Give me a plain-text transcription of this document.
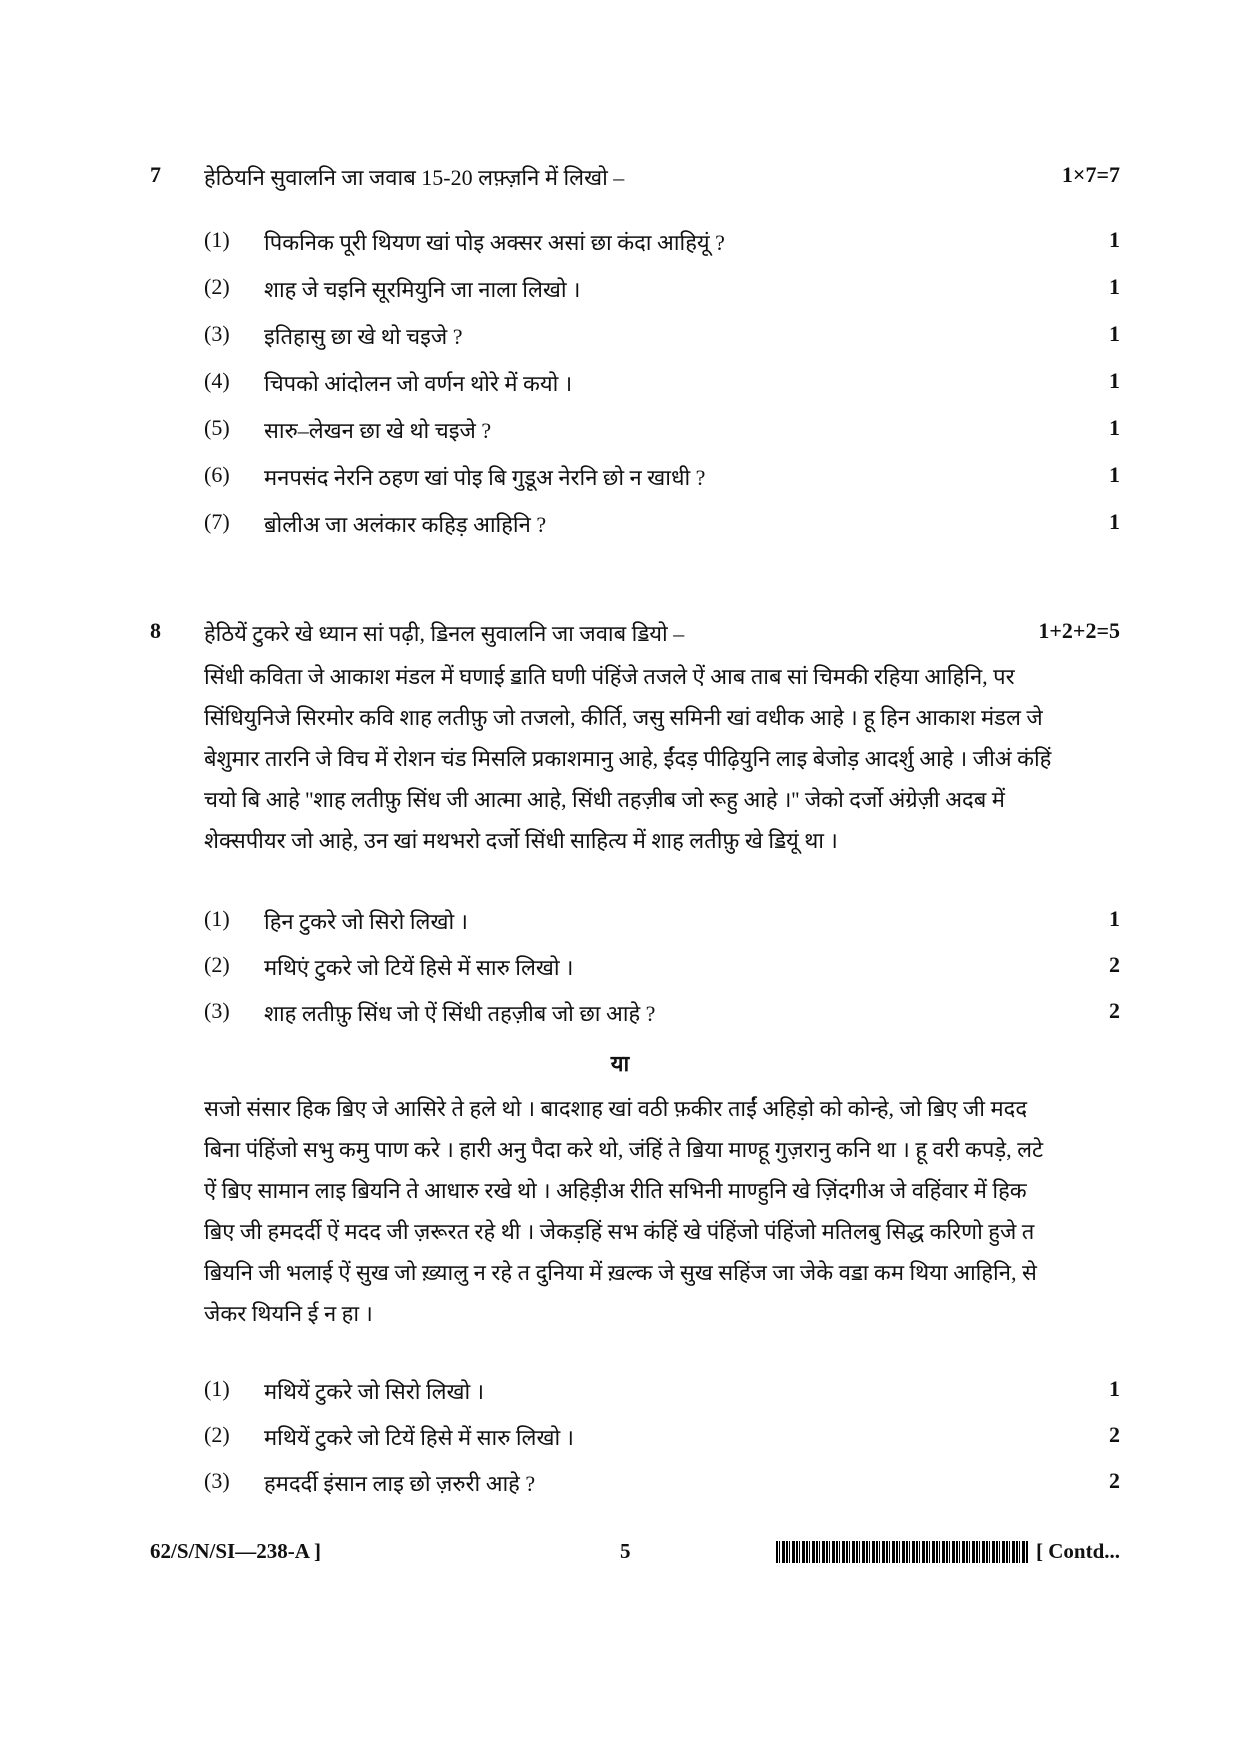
7 हेठियनि सुवालनि जा जवाब 15-20 लफ़्ज़नि में लिखो –	1×7=7
(1) पिकनिक पूरी थियण खां पोइ अक्सर असां छा कंदा आहियूं ?	1
(2) शाह जे चइनि सूरमियुनि जा नाला लिखो ।	1
(3) इतिहासु छा खे थो चइजे ?	1
(4) चिपको आंदोलन जो वर्णन थोरे में कयो ।	1
(5) सारु–लेखन छा खे थो चइजे ?	1
(6) मनपसंद नेरनि ठहण खां पोइ बि गुडूअ नेरनि छो न खाधी ?	1
(7) ॿोलीअ जा अलंकार कहिड़ आहिनि ?	1
8 हेठियें टुकरे खे ध्यान सां पढ़ी, ॾिनल सुवालनि जा जवाब ॾियो –	1+2+2=5

सिंधी कविता जे आकाश मंडल में घणाई ॾाति घणी पंहिंजे तजले ऐं आब ताब सां चिमकी रहिया आहिनि, पर सिंधियुनिजे सिरमोर कवि शाह लतीफ़ु जो तजलो, कीर्ति, जसु समिनी खां वधीक आहे । हू हिन आकाश मंडल जे बेशुमार तारनि जे विच में रोशन चंड मिसलि प्रकाशमानु आहे, ईंदड़ पीढ़ियुनि लाइ बेजोड़ आदर्शु आहे । जीअं कंहिं चयो बि आहे ''शाह लतीफ़ु सिंध जी आत्मा आहे, सिंधी तहज़ीब जो रूहु आहे ।'' जेको दर्जो अंग्रेज़ी अदब में शेक्सपीयर जो आहे, उन खां मथभरो दर्जो सिंधी साहित्य में शाह लतीफ़ु खे ॾियूं था ।

(1) हिन टुकरे जो सिरो लिखो ।	1
(2) मथिएं टुकरे जो टियें हिसे में सारु लिखो ।	2
(3) शाह लतीफ़ु सिंध जो ऐं सिंधी तहज़ीब जो छा आहे ?	2
या

सजो संसार हिक ॿिए जे आसिरे ते हले थो । बादशाह खां वठी फ़कीर ताईं अहिड़ो को कोन्हे, जो ॿिए जी मदद बिना पंहिंजो सभु कमु पाण करे । हारी अनु पैदा करे थो, जंहिं ते ॿिया माण्हू गुज़रानु कनि था । हू वरी कपड़े, लटे ऐं ॿिए सामान लाइ ॿियनि ते आधारु रखे थो । अहिड़ीअ रीति सभिनी माण्हुनि खे ज़िंदगीअ जे वहिंवार में हिक ॿिए जी हमदर्दी ऐं मदद जी ज़रूरत रहे थी । जेकड़हिं सभ कंहिं खे पंहिंजो पंहिंजो मतिलबु सिद्ध करिणो हुजे त ॿियनि जी भलाई ऐं सुख जो ख़्यालु न रहे त दुनिया में ख़ल्क जे सुख सहिंज जा जेके वॾा कम थिया आहिनि, से जेकर थियनि ई न हा ।

(1) मथियें टुकरे जो सिरो लिखो ।	1
(2) मथियें टुकरे जो टियें हिसे में सारु लिखो ।	2
(3) हमदर्दी इंसान लाइ छो ज़रुरी आहे ?	2
62/S/N/SI—238-A ]	5	[ Contd...
